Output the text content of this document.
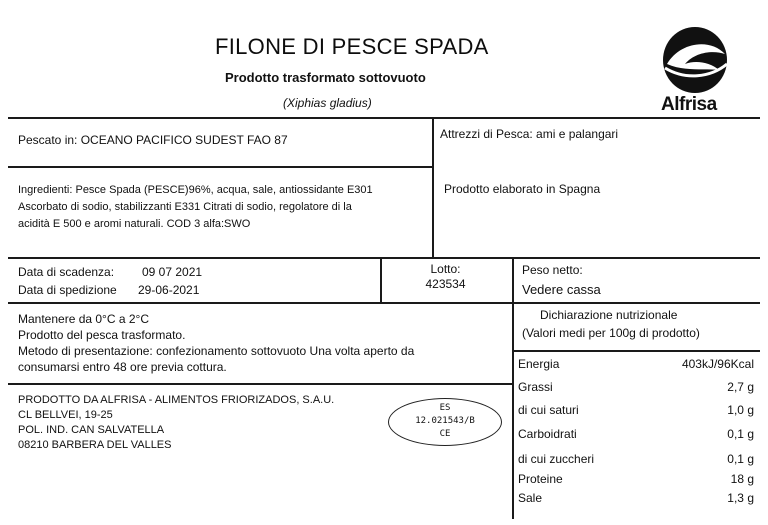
FILONE DI PESCE SPADA
Prodotto trasformato sottovuoto
(Xiphias gladius)	Alfrisa
Pescato in: OCEANO PACIFICO SUDEST FAO 87	Attrezzi di Pesca: ami e palangari
Ingredienti: Pesce Spada (PESCE)96%, acqua, sale, antiossidante E301
Ascorbato di sodio, stabilizzanti E331 Citrati di sodio, regolatore di la
acidità E 500 e aromi naturali. COD 3 alfa:SWO
Prodotto elaborato in Spagna
Data di scadenza: 09 07 2021
Data di spedizione 29-06-2021
Lotto:
423534
Peso netto:
Vedere cassa
Mantenere da 0°C a 2°C
Prodotto del pesca trasformato.
Metodo di presentazione: confezionamento sottovuoto Una volta aperto da
consumarsi entro 48 ore previa cottura.
PRODOTTO DA ALFRISA - ALIMENTOS FRIORIZADOS, S.A.U.
CL BELLVEI, 19-25
POL. IND. CAN SALVATELLA
08210 BARBERA DEL VALLES
ES
12.021543/B
CE
Dichiarazione nutrizionale
(Valori medi per 100g di prodotto)
Energia	403kJ/96Kcal
Grassi	2,7 g
di cui saturi	1,0 g
Carboidrati	0,1 g
di cui zuccheri	0,1 g
Proteine	18 g
Sale	1,3 g
